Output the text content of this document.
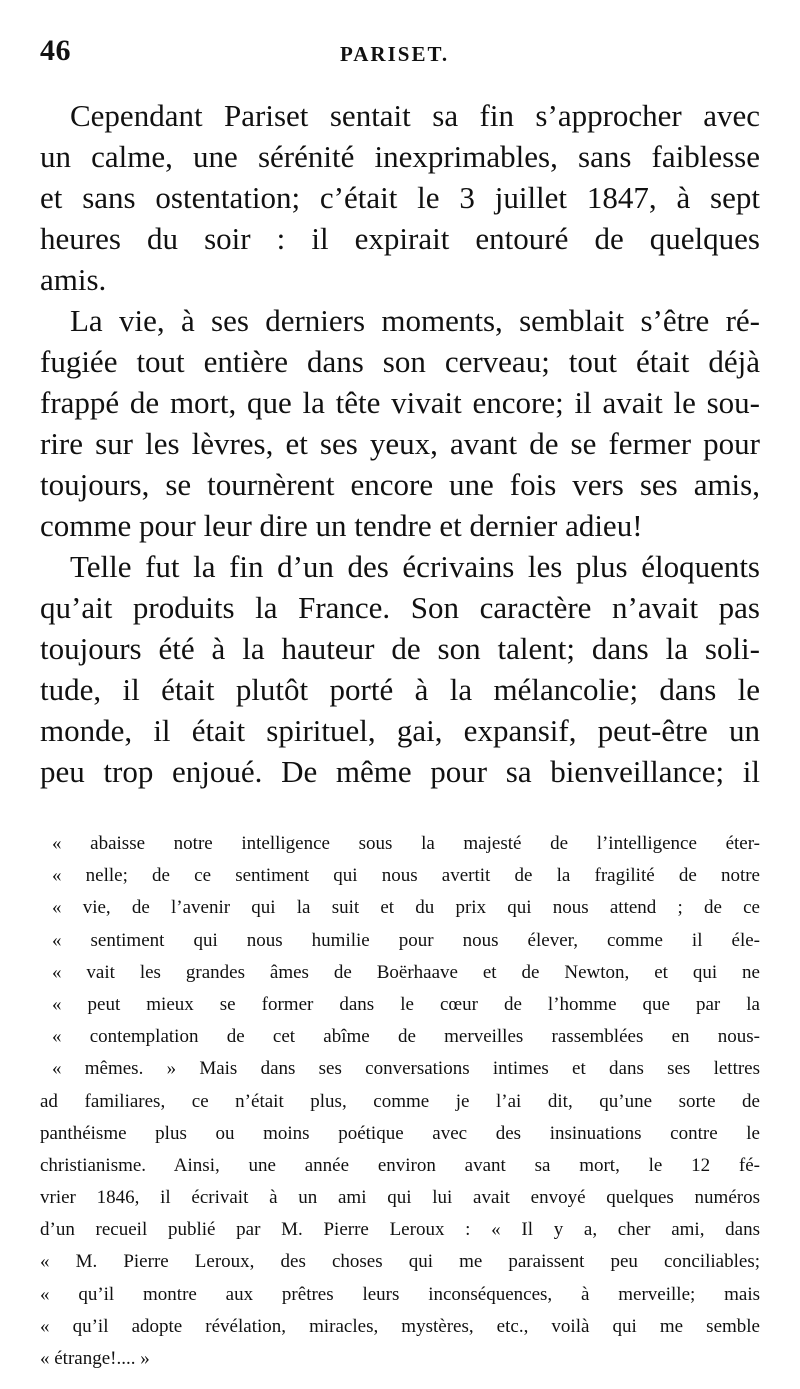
46	PARISET.
Cependant Pariset sentait sa fin s’approcher avec
un calme, une sérénité inexprimables, sans faiblesse
et sans ostentation; c’était le 3 juillet 1847, à sept
heures du soir : il expirait entouré de quelques
amis.
La vie, à ses derniers moments, semblait s’être ré-
fugiée tout entière dans son cerveau; tout était déjà
frappé de mort, que la tête vivait encore; il avait le sou-
rire sur les lèvres, et ses yeux, avant de se fermer pour
toujours, se tournèrent encore une fois vers ses amis,
comme pour leur dire un tendre et dernier adieu!
Telle fut la fin d’un des écrivains les plus éloquents
qu’ait produits la France. Son caractère n’avait pas
toujours été à la hauteur de son talent; dans la soli-
tude, il était plutôt porté à la mélancolie; dans le
monde, il était spirituel, gai, expansif, peut-être un
peu trop enjoué. De même pour sa bienveillance; il
« abaisse notre intelligence sous la majesté de l’intelligence éter-
« nelle; de ce sentiment qui nous avertit de la fragilité de notre
« vie, de l’avenir qui la suit et du prix qui nous attend ; de ce
« sentiment qui nous humilie pour nous élever, comme il éle-
« vait les grandes âmes de Boërhaave et de Newton, et qui ne
« peut mieux se former dans le cœur de l’homme que par la
« contemplation de cet abîme de merveilles rassemblées en nous-
« mêmes. » Mais dans ses conversations intimes et dans ses lettres
ad familiares, ce n’était plus, comme je l’ai dit, qu’une sorte de
panthéisme plus ou moins poétique avec des insinuations contre le
christianisme. Ainsi, une année environ avant sa mort, le 12 fé-
vrier 1846, il écrivait à un ami qui lui avait envoyé quelques numéros
d’un recueil publié par M. Pierre Leroux : « Il y a, cher ami, dans
« M. Pierre Leroux, des choses qui me paraissent peu conciliables;
« qu’il montre aux prêtres leurs inconséquences, à merveille; mais
« qu’il adopte révélation, miracles, mystères, etc., voilà qui me semble
« étrange!.... »
